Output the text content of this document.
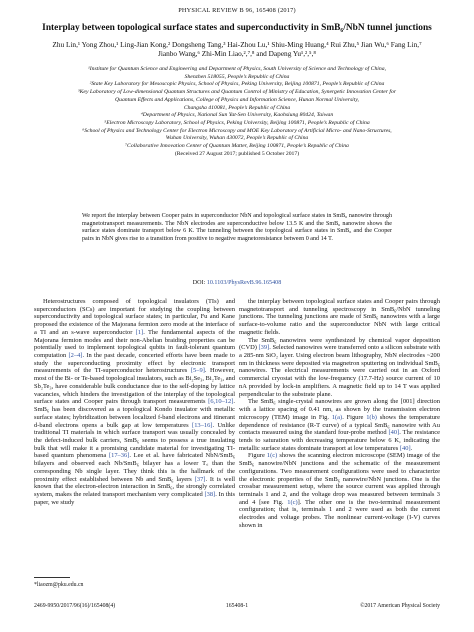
PHYSICAL REVIEW B 96, 165408 (2017)
Interplay between topological surface states and superconductivity in SmB₆/NbN tunnel junctions
Zhu Lin,¹ Yong Zhou,¹ Ling-Jian Kong,² Dongsheng Tang,³ Hai-Zhou Lu,¹ Shiu-Ming Huang,⁴ Rui Zhu,⁵ Jian Wu,⁶ Fang Lin,⁷
Jianbo Wang,⁶ Zhi-Min Liao,²,⁷,⁸ and Dapeng Yu¹,²,⁵,⁸
¹Institute for Quantum Science and Engineering and Department of Physics, South University of Science and Technology of China,
Shenzhen 518055, People’s Republic of China
²State Key Laboratory for Mesoscopic Physics, School of Physics, Peking University, Beijing 100871, People’s Republic of China
³Key Laboratory of Low-dimensional Quantum Structures and Quantum Control of Ministry of Education, Synergetic Innovation Center for
Quantum Effects and Applications, College of Physics and Information Science, Hunan Normal University,
Changsha 410081, People’s Republic of China
⁴Department of Physics, National Sun Yat-Sen University, Kaohsiung 80424, Taiwan
⁵Electron Microscopy Laboratory, School of Physics, Peking University, Beijing 100871, People’s Republic of China
⁶School of Physics and Technology Center for Electron Microscopy and MOE Key Laboratory of Artificial Micro- and Nano-Structures,
Wuhan University, Wuhan 430072, People’s Republic of China
⁷Collaborative Innovation Center of Quantum Matter, Beijing 100871, People’s Republic of China
(Received 27 August 2017; published 5 October 2017)
We report the interplay between Cooper pairs in superconductor NbN and topological surface states in SmB₆ nanowire through magnetotransport measurements. The NbN electrodes are superconductive below 13.5 K and the SmB₆ nanowire shows the surface states dominate transport below 6 K. The tunneling between the topological surface states in SmB₆ and the Cooper pairs in NbN gives rise to a transition from positive to negative magnetoresistance between 0 and 14 T.
DOI: 10.1103/PhysRevB.96.165408

Heterostructures composed of topological insulators (TIs) and superconductors (SCs) are important for studying the coupling between superconductivity and topological surface states; in particular, Fu and Kane proposed the existence of the Majorana fermion zero mode at the interface of a TI and an s-wave superconductor [1]. The fundamental aspects of the Majorana fermion modes and their non-Abelian braiding properties can be potentially used to implement topological qubits in fault-tolerant quantum computation [2–4]. In the past decade, concerted efforts have been made to study the superconducting proximity effect by electronic transport measurements of the TI-superconductor heterostructures [5–9]. However, most of the Bi- or Te-based topological insulators, such as Bi₂Se₃, Bi₂Te₃, and Sb₂Te₃, have considerable bulk conductance due to the self-doping by lattice vacancies, which hinders the investigation of the interplay of the topological surface states and Cooper pairs through transport measurements [6,10–12]. SmB₆ has been discovered as a topological Kondo insulator with metallic surface states; hybridization between localized f-band electrons and itinerant d-band electrons opens a bulk gap at low temperatures [13–16]. Unlike traditional TI materials in which surface transport was usually concealed by the defect-induced bulk carriers, SmB₆ seems to possess a true insulating bulk that will make it a promising candidate material for investigating TI-based quantum phenomena [17–36]. Lee et al. have fabricated NbN/SmB₆ bilayers and observed each Nb/SmB₆ bilayer has a lower T꜀ than the corresponding Nb single layer. They think this is the hallmark of the proximity effect established between Nb and SmB₆ layers [37]. It is well known that the electron-electron interaction in SmB₆, the strongly correlated system, makes the related transport mechanism very complicated [38]. In this paper, we study

the interplay between topological surface states and Cooper pairs through magnetotransport and tunneling spectroscopy in SmB₆/NbN tunneling junctions. The tunneling junctions are made of SmB₆ nanowires with a large surface-to-volume ratio and the superconductor NbN with large critical magnetic fields.

The SmB₆ nanowires were synthesized by chemical vapor deposition (CVD) [39]. Selected nanowires were transferred onto a silicon substrate with a 285-nm SiO₂ layer. Using electron beam lithography, NbN electrodes ~200 nm in thickness were deposited via magnetron sputtering on individual SmB₆ nanowires. The electrical measurements were carried out in an Oxford commercial cryostat with the low-frequency (17.7-Hz) source current of 10 nA provided by lock-in amplifiers. A magnetic field up to 14 T was applied perpendicular to the substrate plane.

The SmB₆ single-crystal nanowires are grown along the [001] direction with a lattice spacing of 0.41 nm, as shown by the transmission electron microscopy (TEM) image in Fig. 1(a). Figure 1(b) shows the temperature dependence of resistance (R-T curve) of a typical SmB₆ nanowire with Au contacts measured using the standard four-probe method [40]. The resistance tends to saturation with decreasing temperature below 6 K, indicating the metallic surface states dominate transport at low temperatures [40].

Figure 1(c) shows the scanning electron microscope (SEM) image of the SmB₆ nanowire/NbN junctions and the schematic of the measurement configurations. Two measurement configurations were used to characterize the electronic properties of the SmB₆ nanowire/NbN junctions. One is the crossbar measurement setup, where the source current was applied through terminals 1 and 2, and the voltage drop was measured between terminals 3 and 4 [see Fig. 1(c)]. The other one is the two-terminal measurement configuration; that is, terminals 1 and 2 were used as both the current electrodes and voltage probes. The nonlinear current-voltage (I-V) curves shown in

*liaozm@pku.edu.cn
2469-9950/2017/96(16)/165408(4)	165408-1	©2017 American Physical Society
